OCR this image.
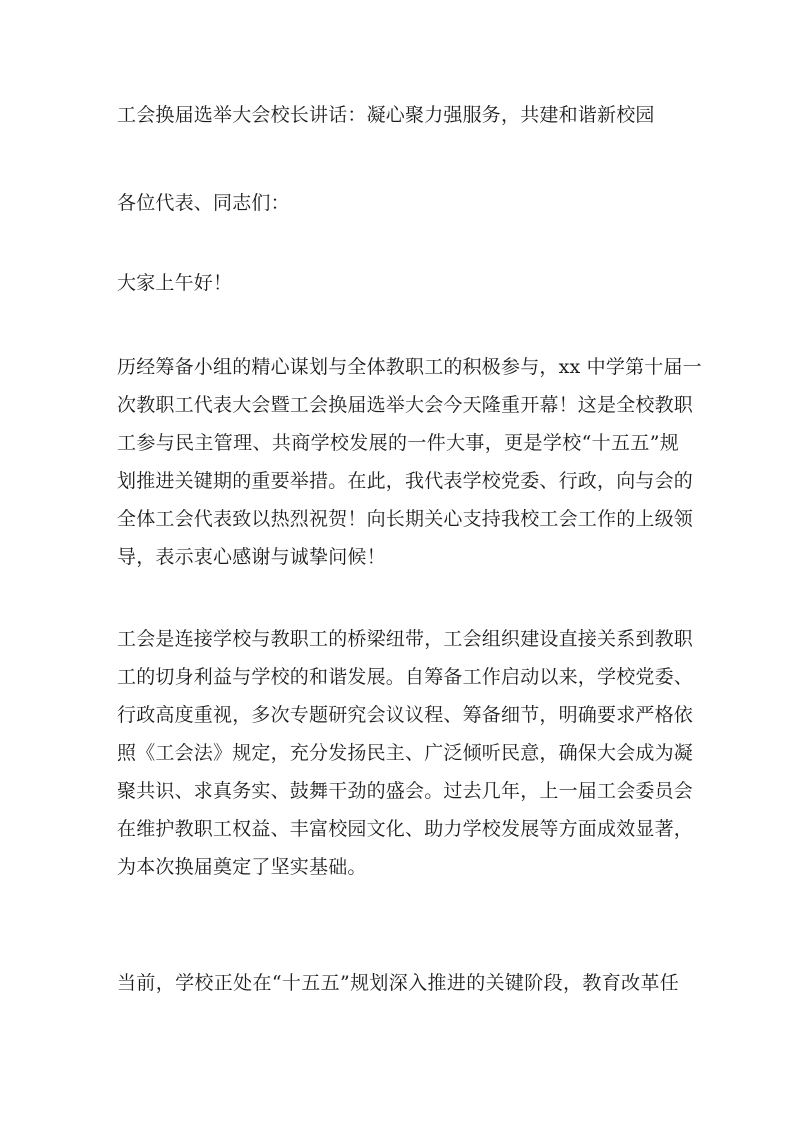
工会换届选举大会校长讲话：凝心聚力强服务，共建和谐新校园
各位代表、同志们：
大家上午好！
历经筹备小组的精心谋划与全体教职工的积极参与，xx 中学第十届一
次教职工代表大会暨工会换届选举大会今天隆重开幕！这是全校教职
工参与民主管理、共商学校发展的一件大事，更是学校“十五五”规
划推进关键期的重要举措。在此，我代表学校党委、行政，向与会的
全体工会代表致以热烈祝贺！向长期关心支持我校工会工作的上级领
导，表示衷心感谢与诚挚问候！
工会是连接学校与教职工的桥梁纽带，工会组织建设直接关系到教职
工的切身利益与学校的和谐发展。自筹备工作启动以来，学校党委、
行政高度重视，多次专题研究会议议程、筹备细节，明确要求严格依
照《工会法》规定，充分发扬民主、广泛倾听民意，确保大会成为凝
聚共识、求真务实、鼓舞干劲的盛会。过去几年，上一届工会委员会
在维护教职工权益、丰富校园文化、助力学校发展等方面成效显著，
为本次换届奠定了坚实基础。
当前，学校正处在“十五五”规划深入推进的关键阶段，教育改革任
